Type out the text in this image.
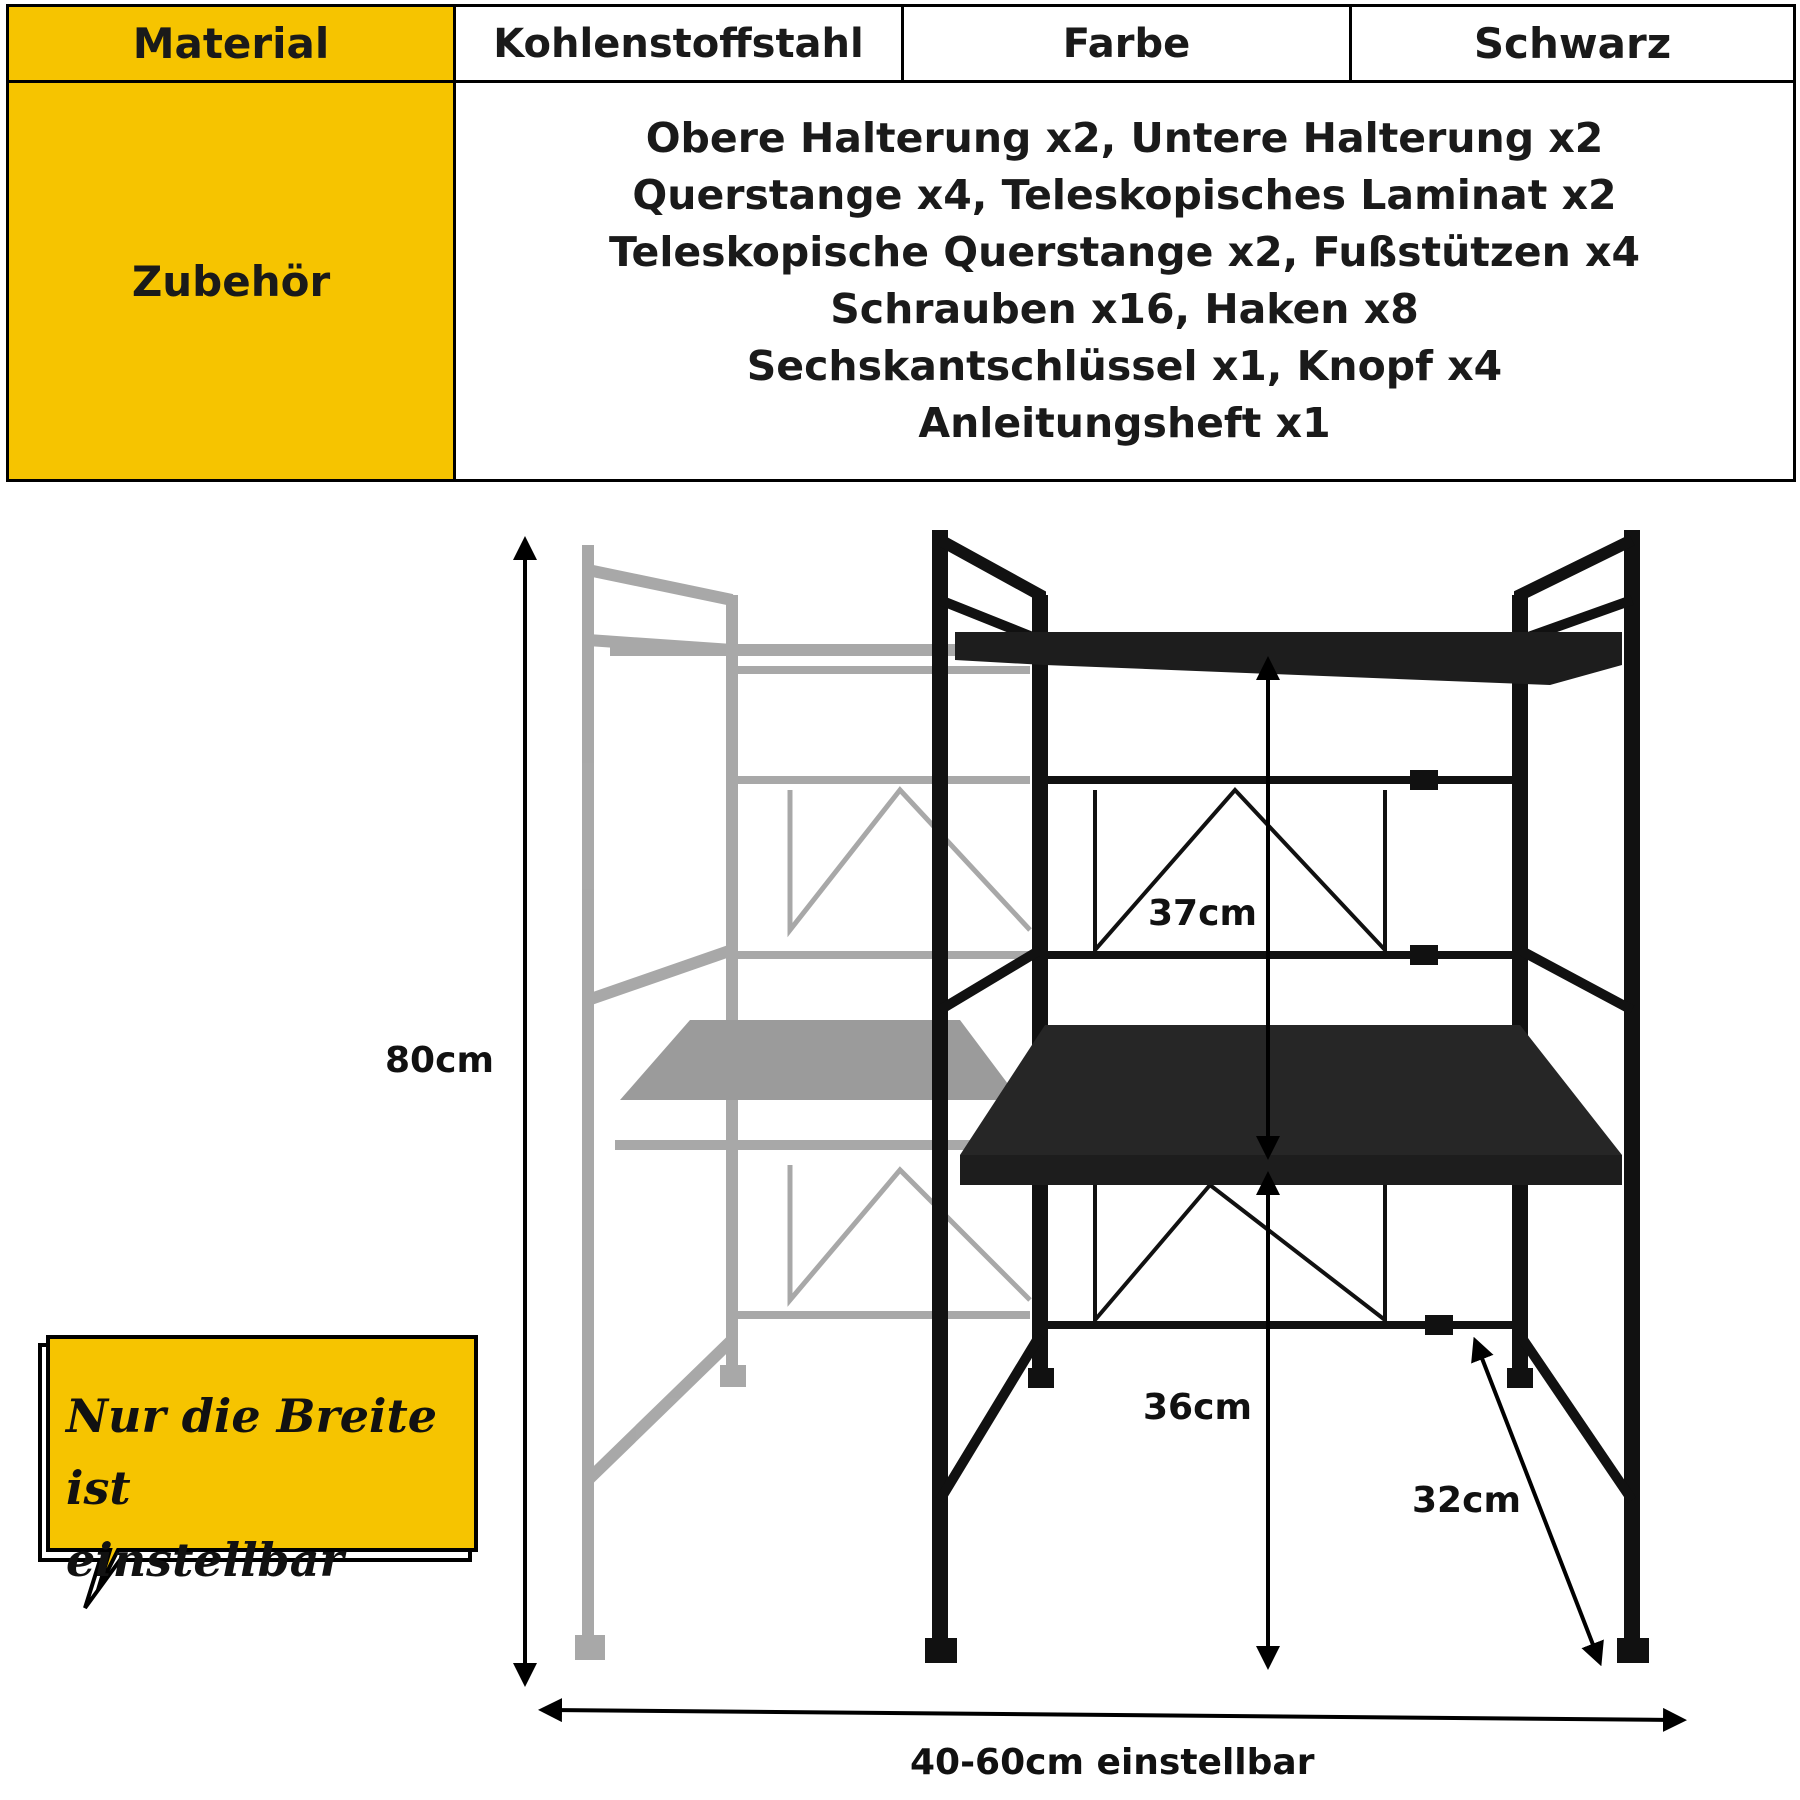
Material	Kohlenstoffstahl	Farbe	Schwarz
Zubehör
Obere Halterung x2, Untere Halterung x2
Querstange x4, Teleskopisches Laminat x2
Teleskopische Querstange x2, Fußstützen x4
Schrauben x16, Haken x8
Sechskantschlüssel x1, Knopf x4
Anleitungsheft x1
80cm
37cm
36cm
32cm
40-60cm einstellbar
Nur die Breite ist
einstellbar
